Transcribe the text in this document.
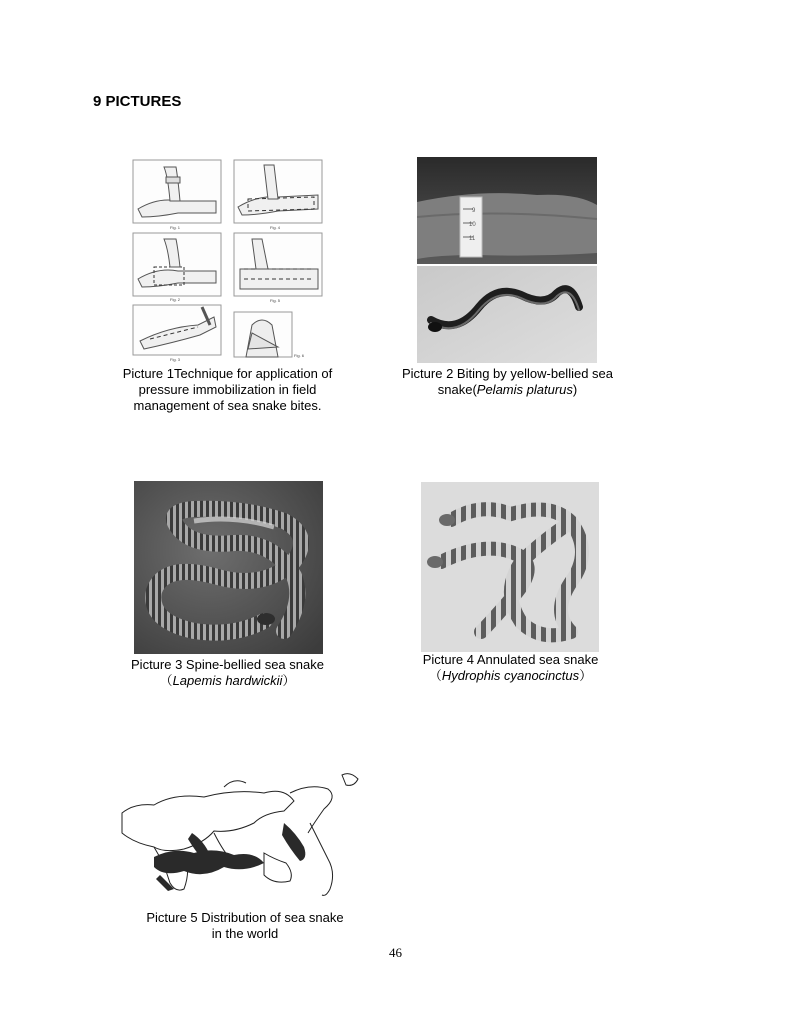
9 PICTURES
Fig. 1	Fig. 4
Fig. 2	Fig. 5
Fig. 3
Fig. 6
Picture 1Technique for application of
pressure immobilization in field
management of sea snake bites.
9
10
11
Picture 2 Biting by yellow-bellied sea
snake(Pelamis platurus)
Picture 3 Spine-bellied sea snake
（Lapemis hardwickii）
Picture 4 Annulated sea snake
（Hydrophis cyanocinctus）
Picture 5 Distribution of sea snake
in the world
46
